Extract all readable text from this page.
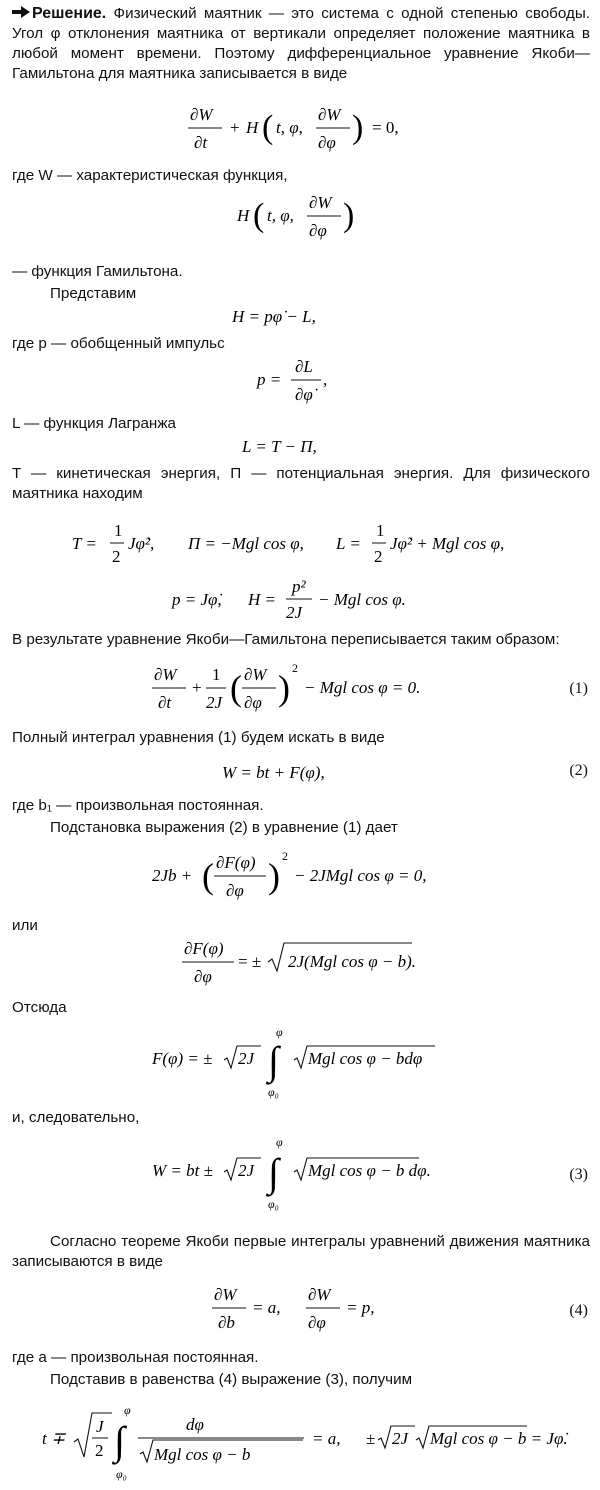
Решение. Физический маятник — это система с одной степенью свободы. Угол φ отклонения маятника от вертикали определяет положение маятника в любой момент времени. Поэтому дифференциальное уравнение Якоби—Гамильтона для маятника записывается в виде
∂W
∂t
+ H ( t, φ,
∂W
∂φ ) = 0,
где W — характеристическая функция,
H ( t, φ,
∂W
∂φ )
— функция Гамильтона.
Представим
H = pφ̇ − L,
где p — обобщенный импульс
p =
∂L
∂φ̇
,
L — функция Лагранжа
L = T − Π,
T — кинетическая энергия, Π — потенциальная энергия. Для физического маятника находим
T =
1
2
Jφ̇², Π = −Mgl cos φ, L =
1
2
Jφ̇² + Mgl cos φ,
p = Jφ̇, H =
p²
2J
− Mgl cos φ.
В результате уравнение Якоби—Гамильтона переписывается таким образом:
∂W
∂t
+
1
2J ( ∂W
∂φ ) 2
− Mgl cos φ = 0.	(1)
Полный интеграл уравнения (1) будем искать в виде
W = bt + F(φ),	(2)
где b₁ — произвольная постоянная.
Подстановка выражения (2) в уравнение (1) дает
2Jb + ( ∂F(φ)
∂φ ) 2
− 2JMgl cos φ = 0,
или
∂F(φ)
∂φ
= ± 2J(Mgl cos φ − b).
Отсюда
F(φ) = ± 2J ∫
φ
φ₀
Mgl cos φ − bdφ
и, следовательно,
W = bt ± 2J ∫
φ
φ₀
Mgl cos φ − b dφ.	(3)
Согласно теореме Якоби первые интегралы уравнений движения маятника записываются в виде
∂W
∂b
= a,
∂W
∂φ
= p,	(4)
где a — произвольная постоянная.
Подставив в равенства (4) выражение (3), получим
t ∓
J
2 ∫
φ
φ₀
dφ
Mgl cos φ − b
= a, ± 2J Mgl cos φ − b = Jφ̇.
